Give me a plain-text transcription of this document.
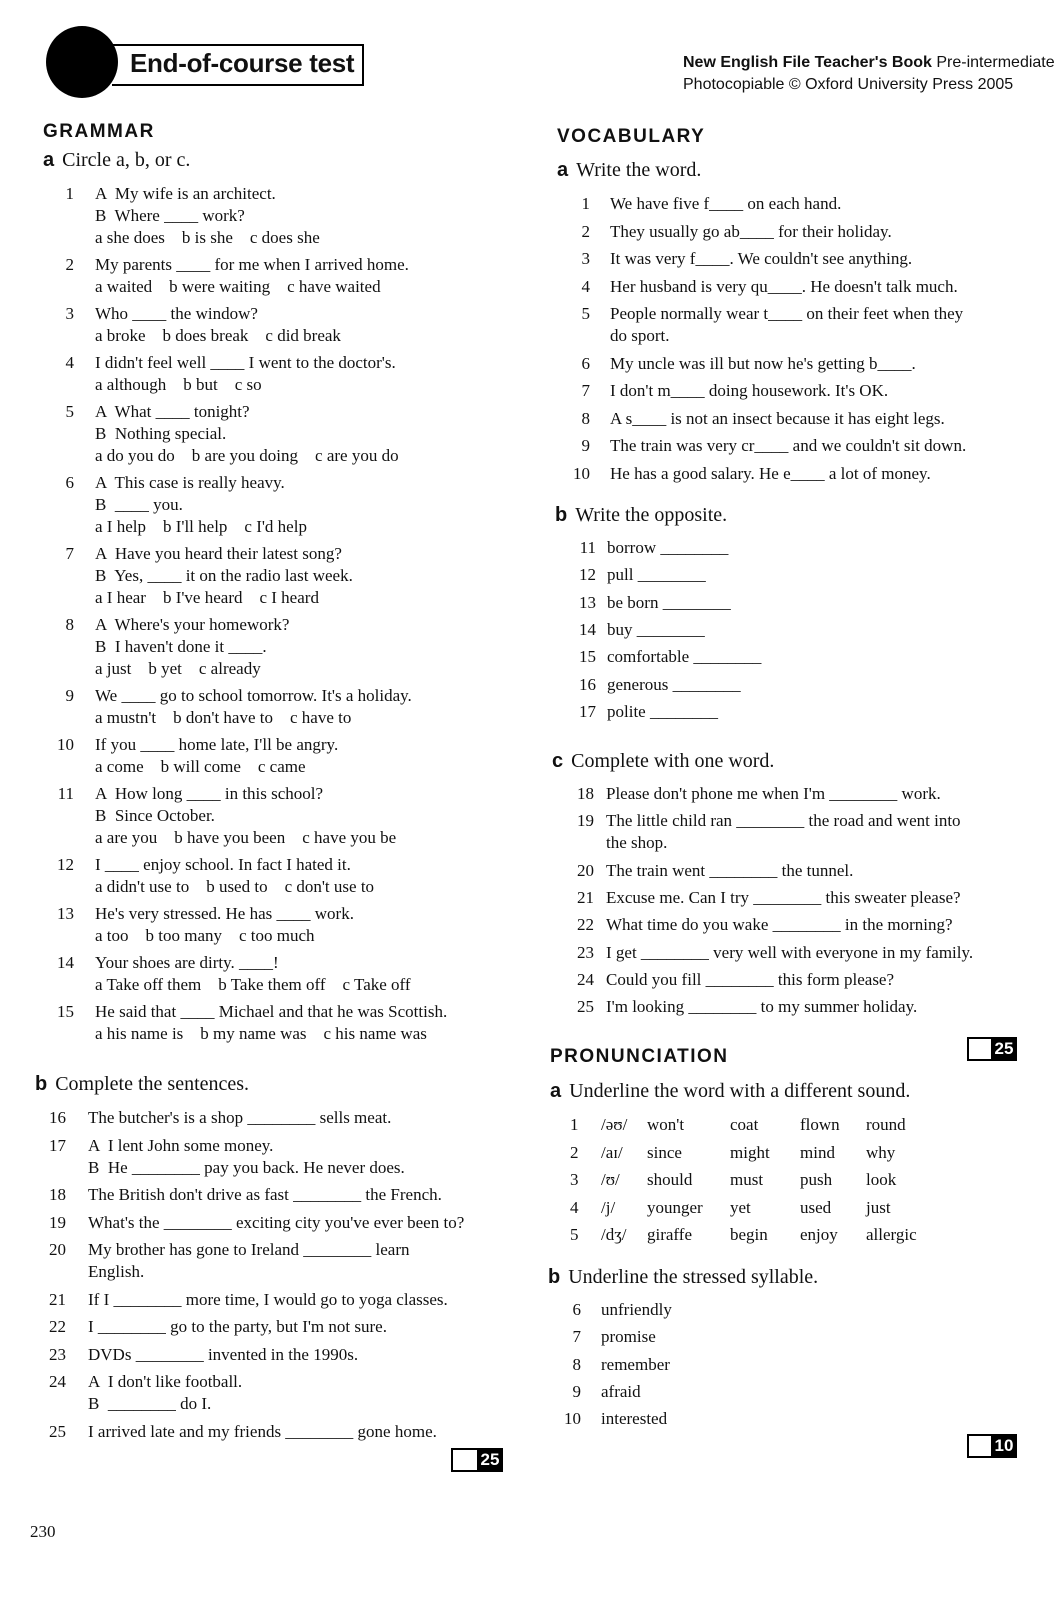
End-of-course test	New English File Teacher's Book Pre-intermediate
Photocopiable © Oxford University Press 2005
GRAMMAR
a Circle a, b, or c.
1 A  My wife is an architect.
B  Where ____ work?
a she does    b is she    c does she
2 My parents ____ for me when I arrived home.
a waited    b were waiting    c have waited
3 Who ____ the window?
a broke    b does break    c did break
4 I didn't feel well ____ I went to the doctor's.
a although    b but    c so
5 A  What ____ tonight?
B  Nothing special.
a do you do    b are you doing    c are you do
6 A  This case is really heavy.
B  ____ you.
a I help    b I'll help    c I'd help
7 A  Have you heard their latest song?
B  Yes, ____ it on the radio last week.
a I hear    b I've heard    c I heard
8 A  Where's your homework?
B  I haven't done it ____.
a just    b yet    c already
9 We ____ go to school tomorrow. It's a holiday.
a mustn't    b don't have to    c have to
10 If you ____ home late, I'll be angry.
a come    b will come    c came
11 A  How long ____ in this school?
B  Since October.
a are you    b have you been    c have you be
12 I ____ enjoy school. In fact I hated it.
a didn't use to    b used to    c don't use to
13 He's very stressed. He has ____ work.
a too    b too many    c too much
14 Your shoes are dirty. ____!
a Take off them    b Take them off    c Take off
15 He said that ____ Michael and that he was Scottish.
a his name is    b my name was    c his name was
b Complete the sentences.
16 The butcher's is a shop ________ sells meat.
17 A  I lent John some money.
B  He ________ pay you back. He never does.
18 The British don't drive as fast ________ the French.
19 What's the ________ exciting city you've ever been to?
20 My brother has gone to Ireland ________ learn
English.
21 If I ________ more time, I would go to yoga classes.
22 I ________ go to the party, but I'm not sure.
23 DVDs ________ invented in the 1990s.
24 A  I don't like football.
B  ________ do I.
25 I arrived late and my friends ________ gone home.
25
VOCABULARY
a Write the word.
1 We have five f____ on each hand.
2 They usually go ab____ for their holiday.
3 It was very f____. We couldn't see anything.
4 Her husband is very qu____. He doesn't talk much.
5 People normally wear t____ on their feet when they
do sport.
6 My uncle was ill but now he's getting b____.
7 I don't m____ doing housework. It's OK.
8 A s____ is not an insect because it has eight legs.
9 The train was very cr____ and we couldn't sit down.
10 He has a good salary. He e____ a lot of money.
b Write the opposite.
11 borrow ________
12 pull ________
13 be born ________
14 buy ________
15 comfortable ________
16 generous ________
17 polite ________
c Complete with one word.
18 Please don't phone me when I'm ________ work.
19 The little child ran ________ the road and went into
the shop.
20 The train went ________ the tunnel.
21 Excuse me. Can I try ________ this sweater please?
22 What time do you wake ________ in the morning?
23 I get ________ very well with everyone in my family.
24 Could you fill ________ this form please?
25 I'm looking ________ to my summer holiday.
25
PRONUNCIATION
a Underline the word with a different sound.
1 /əʊ/ won't	coat flown round
2 /aɪ/ since	might mind why
3 /ʊ/ should must push look
4 /j/ younger yet	used just
5 /dʒ/ giraffe begin enjoy allergic
b Underline the stressed syllable.
6 unfriendly
7 promise
8 remember
9 afraid
10 interested
10
230
